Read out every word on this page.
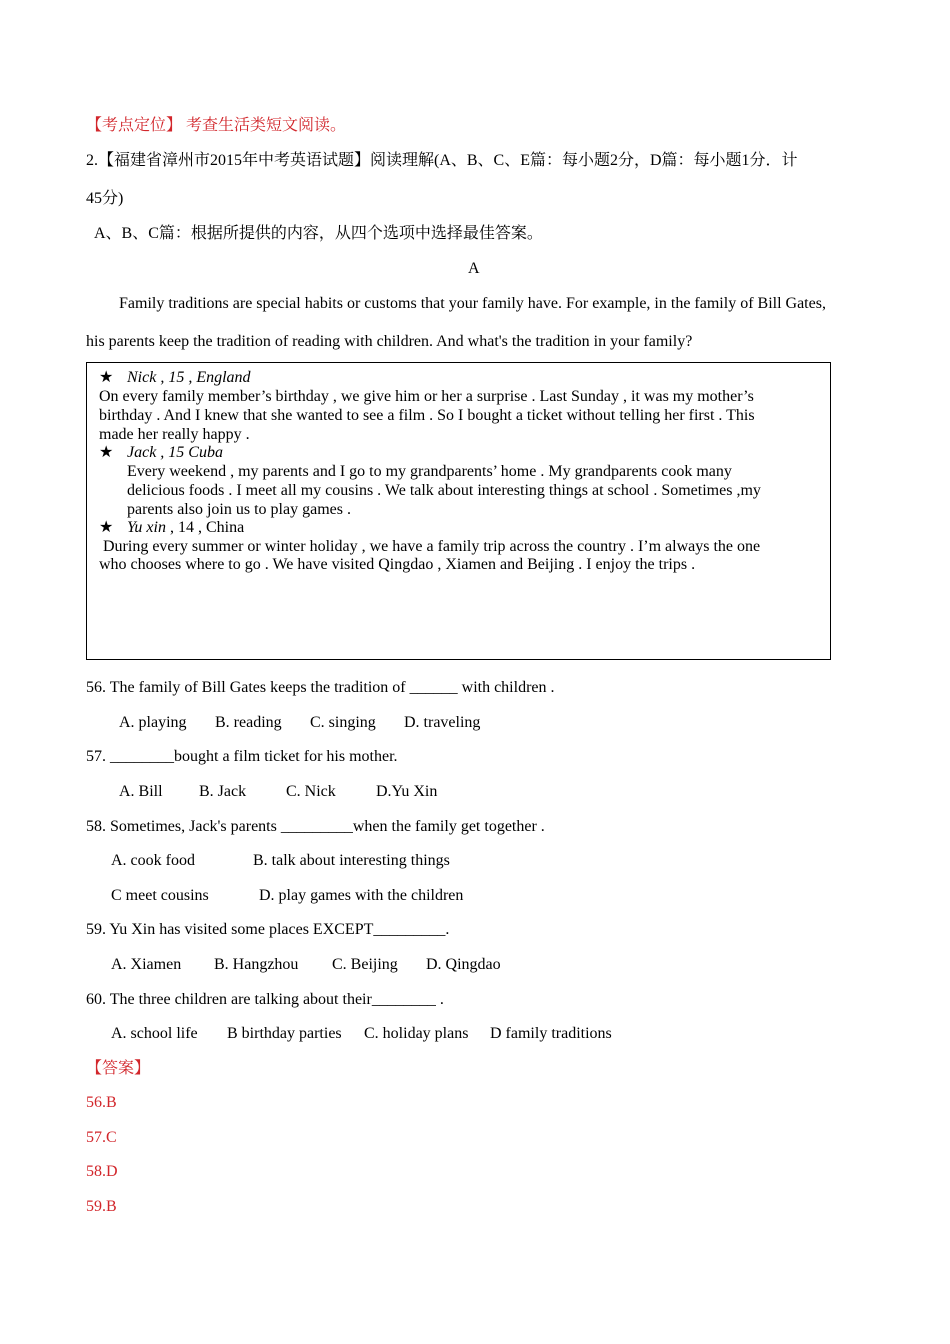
【考点定位】 考查生活类短文阅读。
2.【福建省漳州市2015年中考英语试题】阅读理解(A、B、C、E篇：每小题2分，D篇：每小题1分．计
45分)
A、B、C篇：根据所提供的内容，从四个选项中选择最佳答案。
A
Family traditions are special habits or customs that your family have. For example, in the family of Bill Gates,
his parents keep the tradition of reading with children. And what's the tradition in your family?
★ Nick , 15 , England
On every family member’s birthday , we give him or her a surprise . Last Sunday , it was my mother’s
birthday . And I knew that she wanted to see a film . So I bought a ticket without telling her first . This
made her really happy .
★ Jack , 15 Cuba
Every weekend , my parents and I go to my grandparents’ home . My grandparents cook many
delicious foods . I meet all my cousins . We talk about interesting things at school . Sometimes ,my
parents also join us to play games .
★ Yu xin , 14 , China
During every summer or winter holiday , we have a family trip across the country . I’m always the one
who chooses where to go . We have visited Qingdao , Xiamen and Beijing . I enjoy the trips .
56. The family of Bill Gates keeps the tradition of ______ with children .
A. playing B. reading C. singing D. traveling
57. ________bought a film ticket for his mother.
A. Bill B. Jack C. Nick	D.Yu Xin
58. Sometimes, Jack's parents _________when the family get together .
A. cook food	B. talk about interesting things
C meet cousins	D. play games with the children
59. Yu Xin has visited some places EXCEPT_________.
A. Xiamen B. Hangzhou C. Beijing D. Qingdao
60. The three children are talking about their________ .
A. school life B birthday parties C. holiday plans D family traditions
【答案】
56.B
57.C
58.D
59.B
